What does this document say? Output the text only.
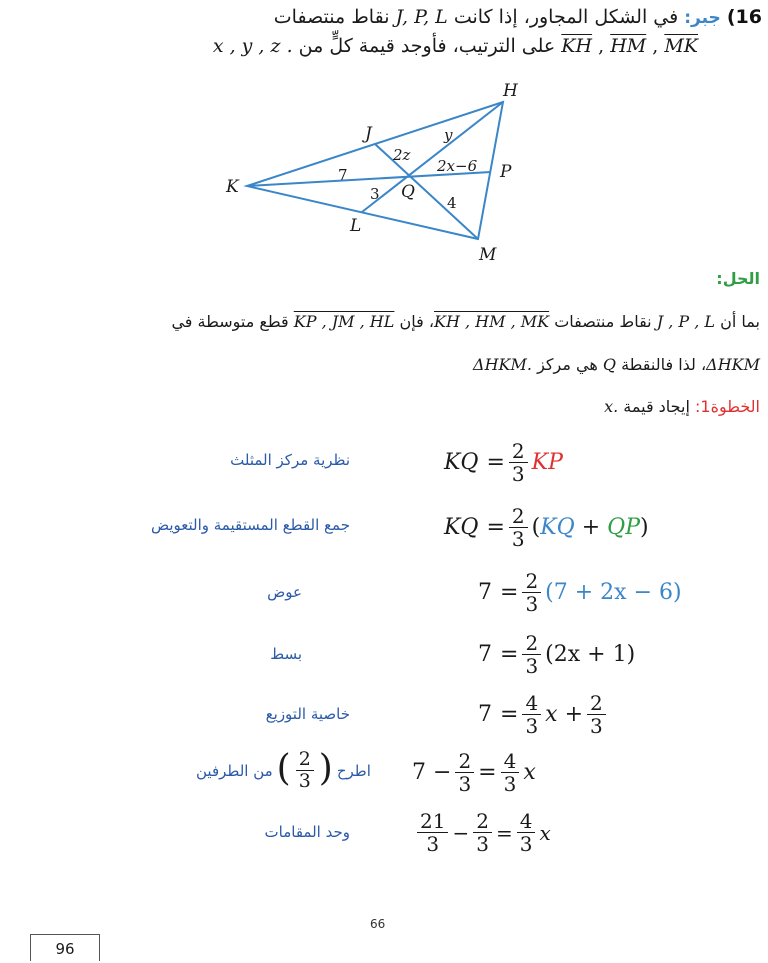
16) جبر: في الشكل المجاور، إذا كانت J, P, L نقاط منتصفات
$\overline{KH}$ , $\overline{HM}$ , $\overline{MK}$ على الترتيب، فأوجد قيمة كلٍّ من x , y , z .
H
K
M
J
P
L
Q
y
2z
2x−6
7
3	4
الحل:
بما أن J , P , L نقاط منتصفات KH , HM , MK، فإن KP , JM , HL قطع متوسطة في
ΔHKM، لذا فالنقطة Q هي مركز ΔHKM.
الخطوة1: إيجاد قيمة x.
KQ = $\frac{2}{3}$ KP
نظرية مركز المثلث
KQ = $\frac{2}{3}$ ( KQ + QP )
جمع القطع المستقيمة والتعويض
$7 = \frac{2}{3} (7 + 2x - 6)$
عوض
$7 = \frac{2}{3} (2x + 1)$
بسط
$7 = \frac{4}{3}$ $x + \frac{2}{3}$
خاصية التوزيع
$7 - \frac{2}{3} = \frac{4}{3}$ x
من الطرفين ( $\frac{2}{3}$ ) اطرح
$\frac{21}{3} - \frac{2}{3} = \frac{4}{3}$ x
وحد المقامات
66
96
